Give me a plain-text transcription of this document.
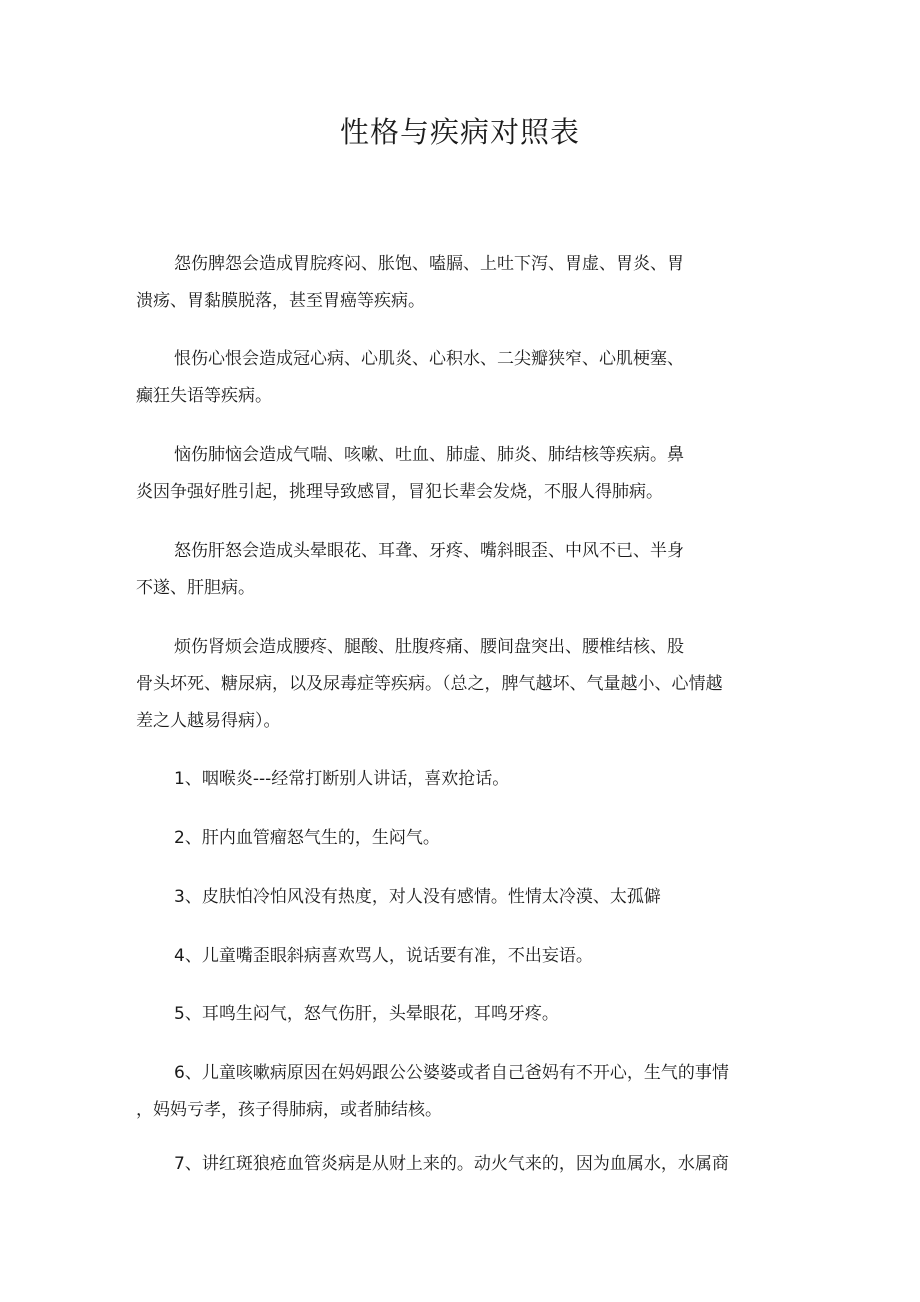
性格与疾病对照表

怨伤脾怨会造成胃脘疼闷、胀饱、嗑膈、上吐下泻、胃虚、胃炎、胃

溃疡、胃黏膜脱落，甚至胃癌等疾病。

恨伤心恨会造成冠心病、心肌炎、心积水、二尖瓣狭窄、心肌梗塞、

癫狂失语等疾病。

恼伤肺恼会造成气喘、咳嗽、吐血、肺虚、肺炎、肺结核等疾病。鼻

炎因争强好胜引起，挑理导致感冒，冒犯长辈会发烧，不服人得肺病。

怒伤肝怒会造成头晕眼花、耳聋、牙疼、嘴斜眼歪、中风不已、半身

不遂、肝胆病。

烦伤肾烦会造成腰疼、腿酸、肚腹疼痛、腰间盘突出、腰椎结核、股

骨头坏死、糖尿病，以及尿毒症等疾病。（总之，脾气越坏、气量越小、心情越

差之人越易得病）。

1、咽喉炎---经常打断别人讲话，喜欢抢话。

2、肝内血管瘤怒气生的，生闷气。

3、皮肤怕冷怕风没有热度，对人没有感情。性情太冷漠、太孤僻

4、儿童嘴歪眼斜病喜欢骂人，说话要有准，不出妄语。

5、耳鸣生闷气，怒气伤肝，头晕眼花，耳鸣牙疼。

6、儿童咳嗽病原因在妈妈跟公公婆婆或者自己爸妈有不开心，生气的事情

，妈妈亏孝，孩子得肺病，或者肺结核。

7、讲红斑狼疮血管炎病是从财上来的。动火气来的，因为血属水，水属商
